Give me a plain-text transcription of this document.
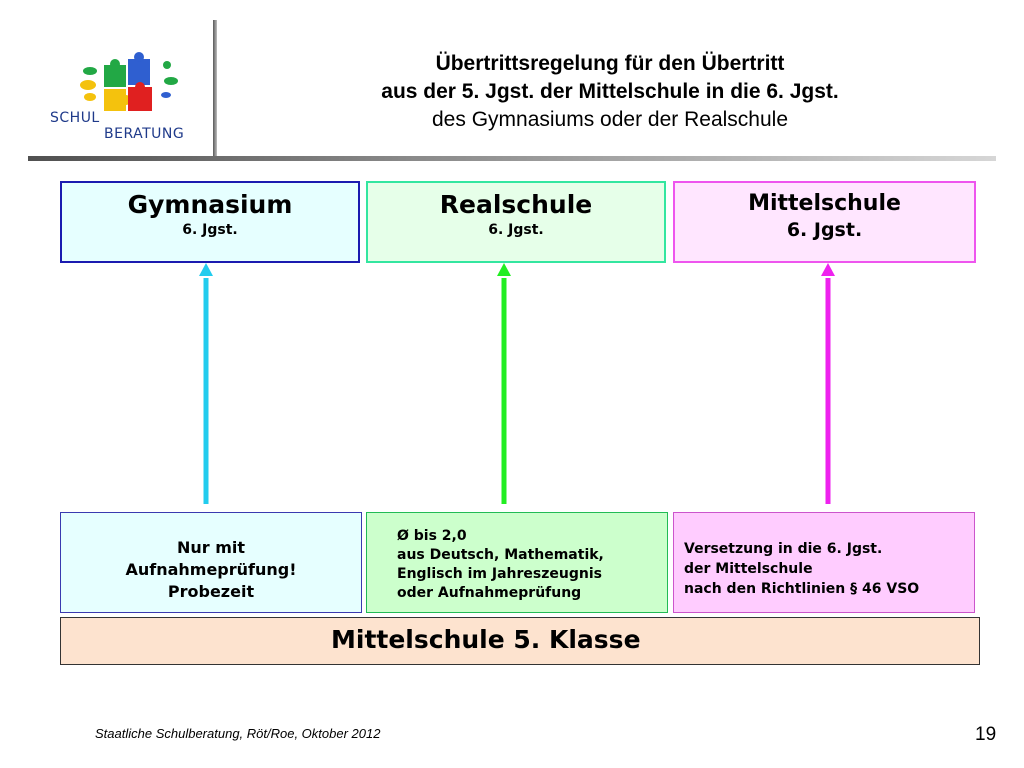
SCHUL
BERATUNG
Übertrittsregelung für den Übertritt
aus der 5. Jgst. der Mittelschule in die 6. Jgst.
des Gymnasiums oder der Realschule
Gymnasium
6. Jgst.
Realschule
6. Jgst.
Mittelschule
6. Jgst.
Nur mit
Aufnahmeprüfung!
Probezeit
Ø bis 2,0
aus Deutsch, Mathematik,
Englisch im Jahreszeugnis
oder Aufnahmeprüfung
Versetzung in die 6. Jgst.
der Mittelschule
nach den Richtlinien § 46 VSO
Mittelschule 5. Klasse
Staatliche Schulberatung, Röt/Roe, Oktober 2012	19
